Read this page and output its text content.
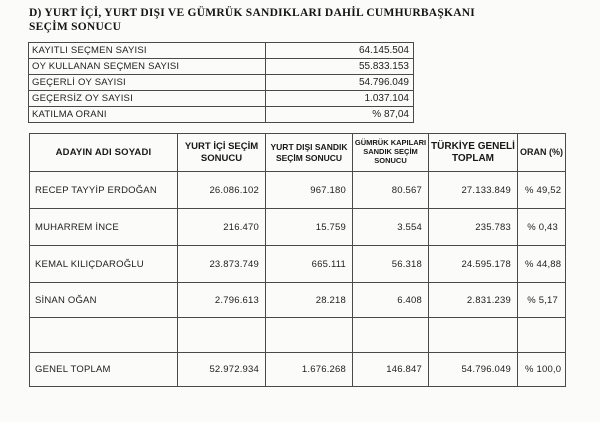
D) YURT İÇİ, YURT DIŞI VE GÜMRÜK SANDIKLARI DAHİL CUMHURBAŞKANI
SEÇİM SONUCU
KAYITLI SEÇMEN SAYISI	64.145.504
OY KULLANAN SEÇMEN SAYISI	55.833.153
GEÇERLİ OY SAYISI	54.796.049
GEÇERSİZ OY SAYISI	1.037.104
KATILMA ORANI	% 87,04
ADAYIN ADI SOYADI	YURT İÇİ SEÇİM SONUCU	YURT DIŞI SANDIK SEÇİM SONUCU	GÜMRÜK KAPILARI SANDIK SEÇİM SONUCU	TÜRKİYE GENELİ TOPLAM	ORAN (%)
RECEP TAYYİP ERDOĞAN	26.086.102	967.180	80.567	27.133.849	% 49,52
MUHARREM İNCE	216.470	15.759	3.554	235.783	% 0,43
KEMAL KILIÇDAROĞLU	23.873.749	665.111	56.318	24.595.178	% 44,88
SİNAN OĞAN	2.796.613	28.218	6.408	2.831.239	% 5,17

GENEL TOPLAM	52.972.934	1.676.268	146.847	54.796.049	% 100,0
